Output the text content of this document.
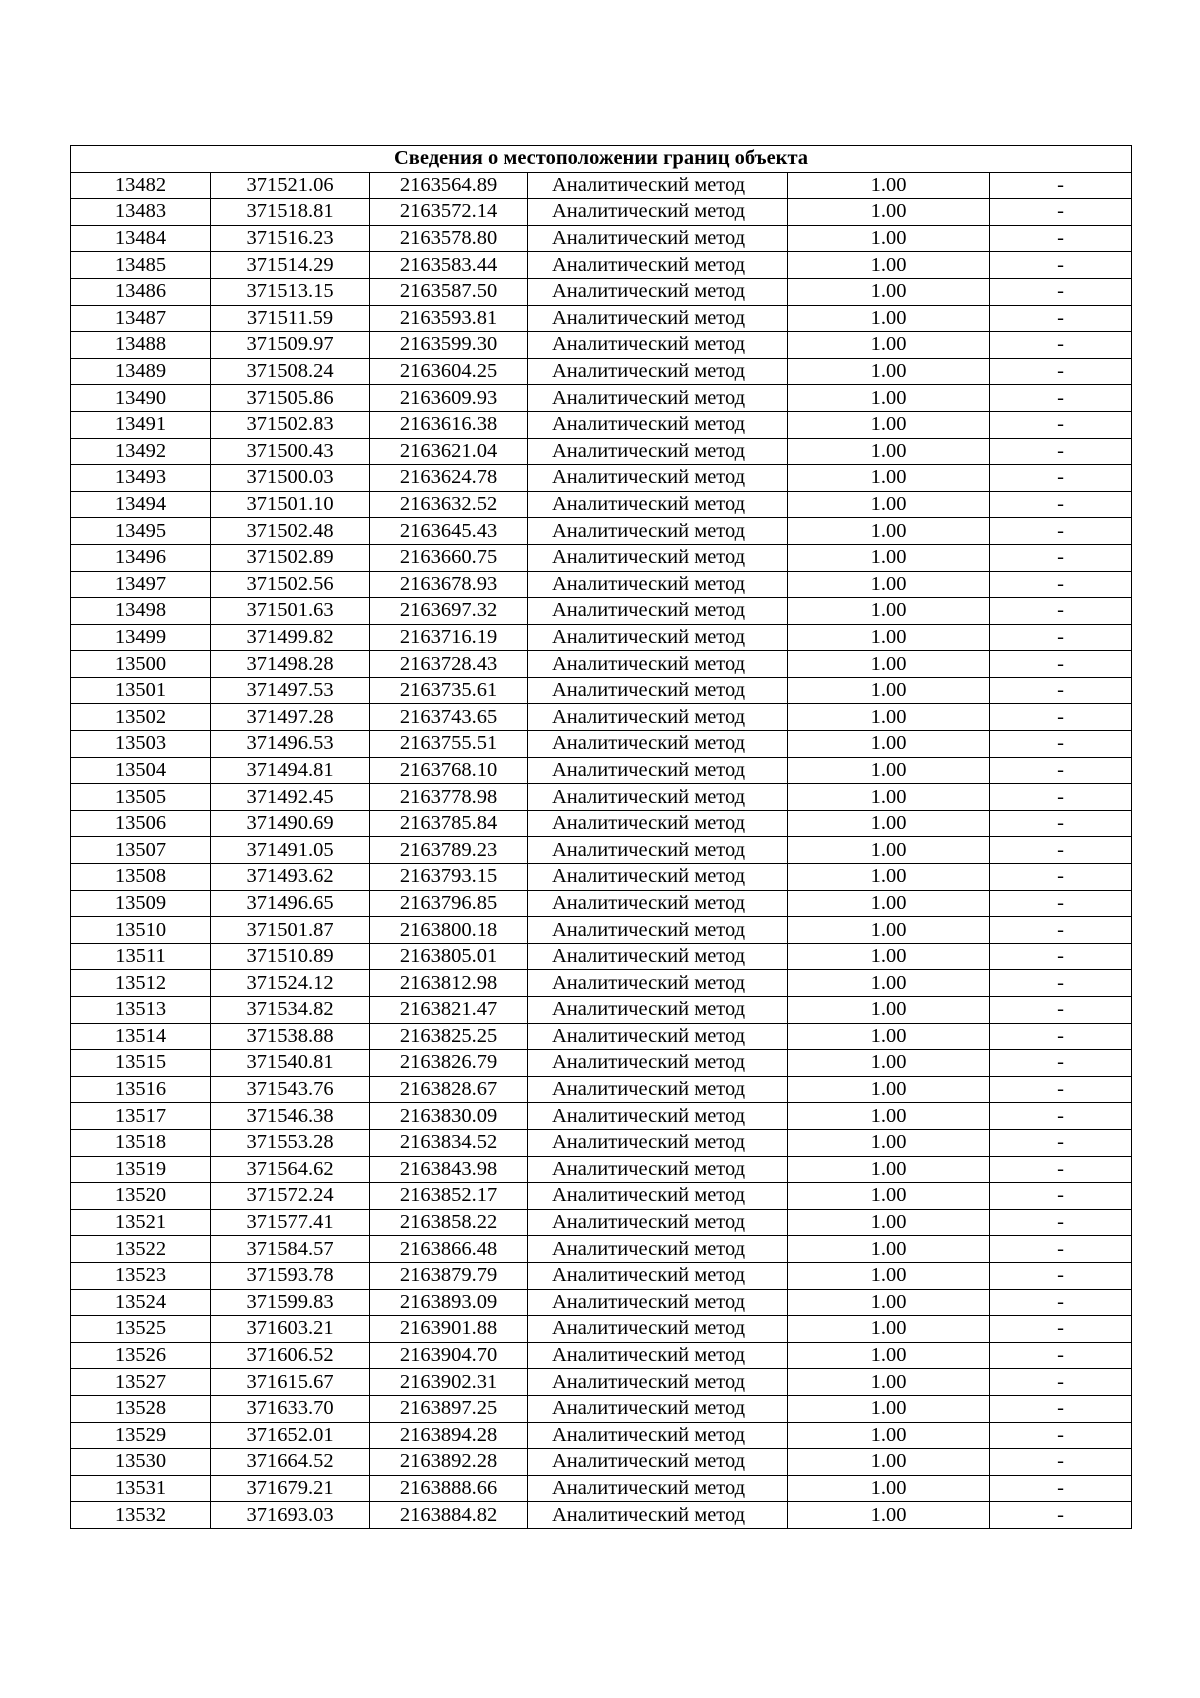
Сведения о местоположении границ объекта					
13482	371521.06	2163564.89	Аналитический метод	1.00	-
13483	371518.81	2163572.14	Аналитический метод	1.00	-
13484	371516.23	2163578.80	Аналитический метод	1.00	-
13485	371514.29	2163583.44	Аналитический метод	1.00	-
13486	371513.15	2163587.50	Аналитический метод	1.00	-
13487	371511.59	2163593.81	Аналитический метод	1.00	-
13488	371509.97	2163599.30	Аналитический метод	1.00	-
13489	371508.24	2163604.25	Аналитический метод	1.00	-
13490	371505.86	2163609.93	Аналитический метод	1.00	-
13491	371502.83	2163616.38	Аналитический метод	1.00	-
13492	371500.43	2163621.04	Аналитический метод	1.00	-
13493	371500.03	2163624.78	Аналитический метод	1.00	-
13494	371501.10	2163632.52	Аналитический метод	1.00	-
13495	371502.48	2163645.43	Аналитический метод	1.00	-
13496	371502.89	2163660.75	Аналитический метод	1.00	-
13497	371502.56	2163678.93	Аналитический метод	1.00	-
13498	371501.63	2163697.32	Аналитический метод	1.00	-
13499	371499.82	2163716.19	Аналитический метод	1.00	-
13500	371498.28	2163728.43	Аналитический метод	1.00	-
13501	371497.53	2163735.61	Аналитический метод	1.00	-
13502	371497.28	2163743.65	Аналитический метод	1.00	-
13503	371496.53	2163755.51	Аналитический метод	1.00	-
13504	371494.81	2163768.10	Аналитический метод	1.00	-
13505	371492.45	2163778.98	Аналитический метод	1.00	-
13506	371490.69	2163785.84	Аналитический метод	1.00	-
13507	371491.05	2163789.23	Аналитический метод	1.00	-
13508	371493.62	2163793.15	Аналитический метод	1.00	-
13509	371496.65	2163796.85	Аналитический метод	1.00	-
13510	371501.87	2163800.18	Аналитический метод	1.00	-
13511	371510.89	2163805.01	Аналитический метод	1.00	-
13512	371524.12	2163812.98	Аналитический метод	1.00	-
13513	371534.82	2163821.47	Аналитический метод	1.00	-
13514	371538.88	2163825.25	Аналитический метод	1.00	-
13515	371540.81	2163826.79	Аналитический метод	1.00	-
13516	371543.76	2163828.67	Аналитический метод	1.00	-
13517	371546.38	2163830.09	Аналитический метод	1.00	-
13518	371553.28	2163834.52	Аналитический метод	1.00	-
13519	371564.62	2163843.98	Аналитический метод	1.00	-
13520	371572.24	2163852.17	Аналитический метод	1.00	-
13521	371577.41	2163858.22	Аналитический метод	1.00	-
13522	371584.57	2163866.48	Аналитический метод	1.00	-
13523	371593.78	2163879.79	Аналитический метод	1.00	-
13524	371599.83	2163893.09	Аналитический метод	1.00	-
13525	371603.21	2163901.88	Аналитический метод	1.00	-
13526	371606.52	2163904.70	Аналитический метод	1.00	-
13527	371615.67	2163902.31	Аналитический метод	1.00	-
13528	371633.70	2163897.25	Аналитический метод	1.00	-
13529	371652.01	2163894.28	Аналитический метод	1.00	-
13530	371664.52	2163892.28	Аналитический метод	1.00	-
13531	371679.21	2163888.66	Аналитический метод	1.00	-
13532	371693.03	2163884.82	Аналитический метод	1.00	-
